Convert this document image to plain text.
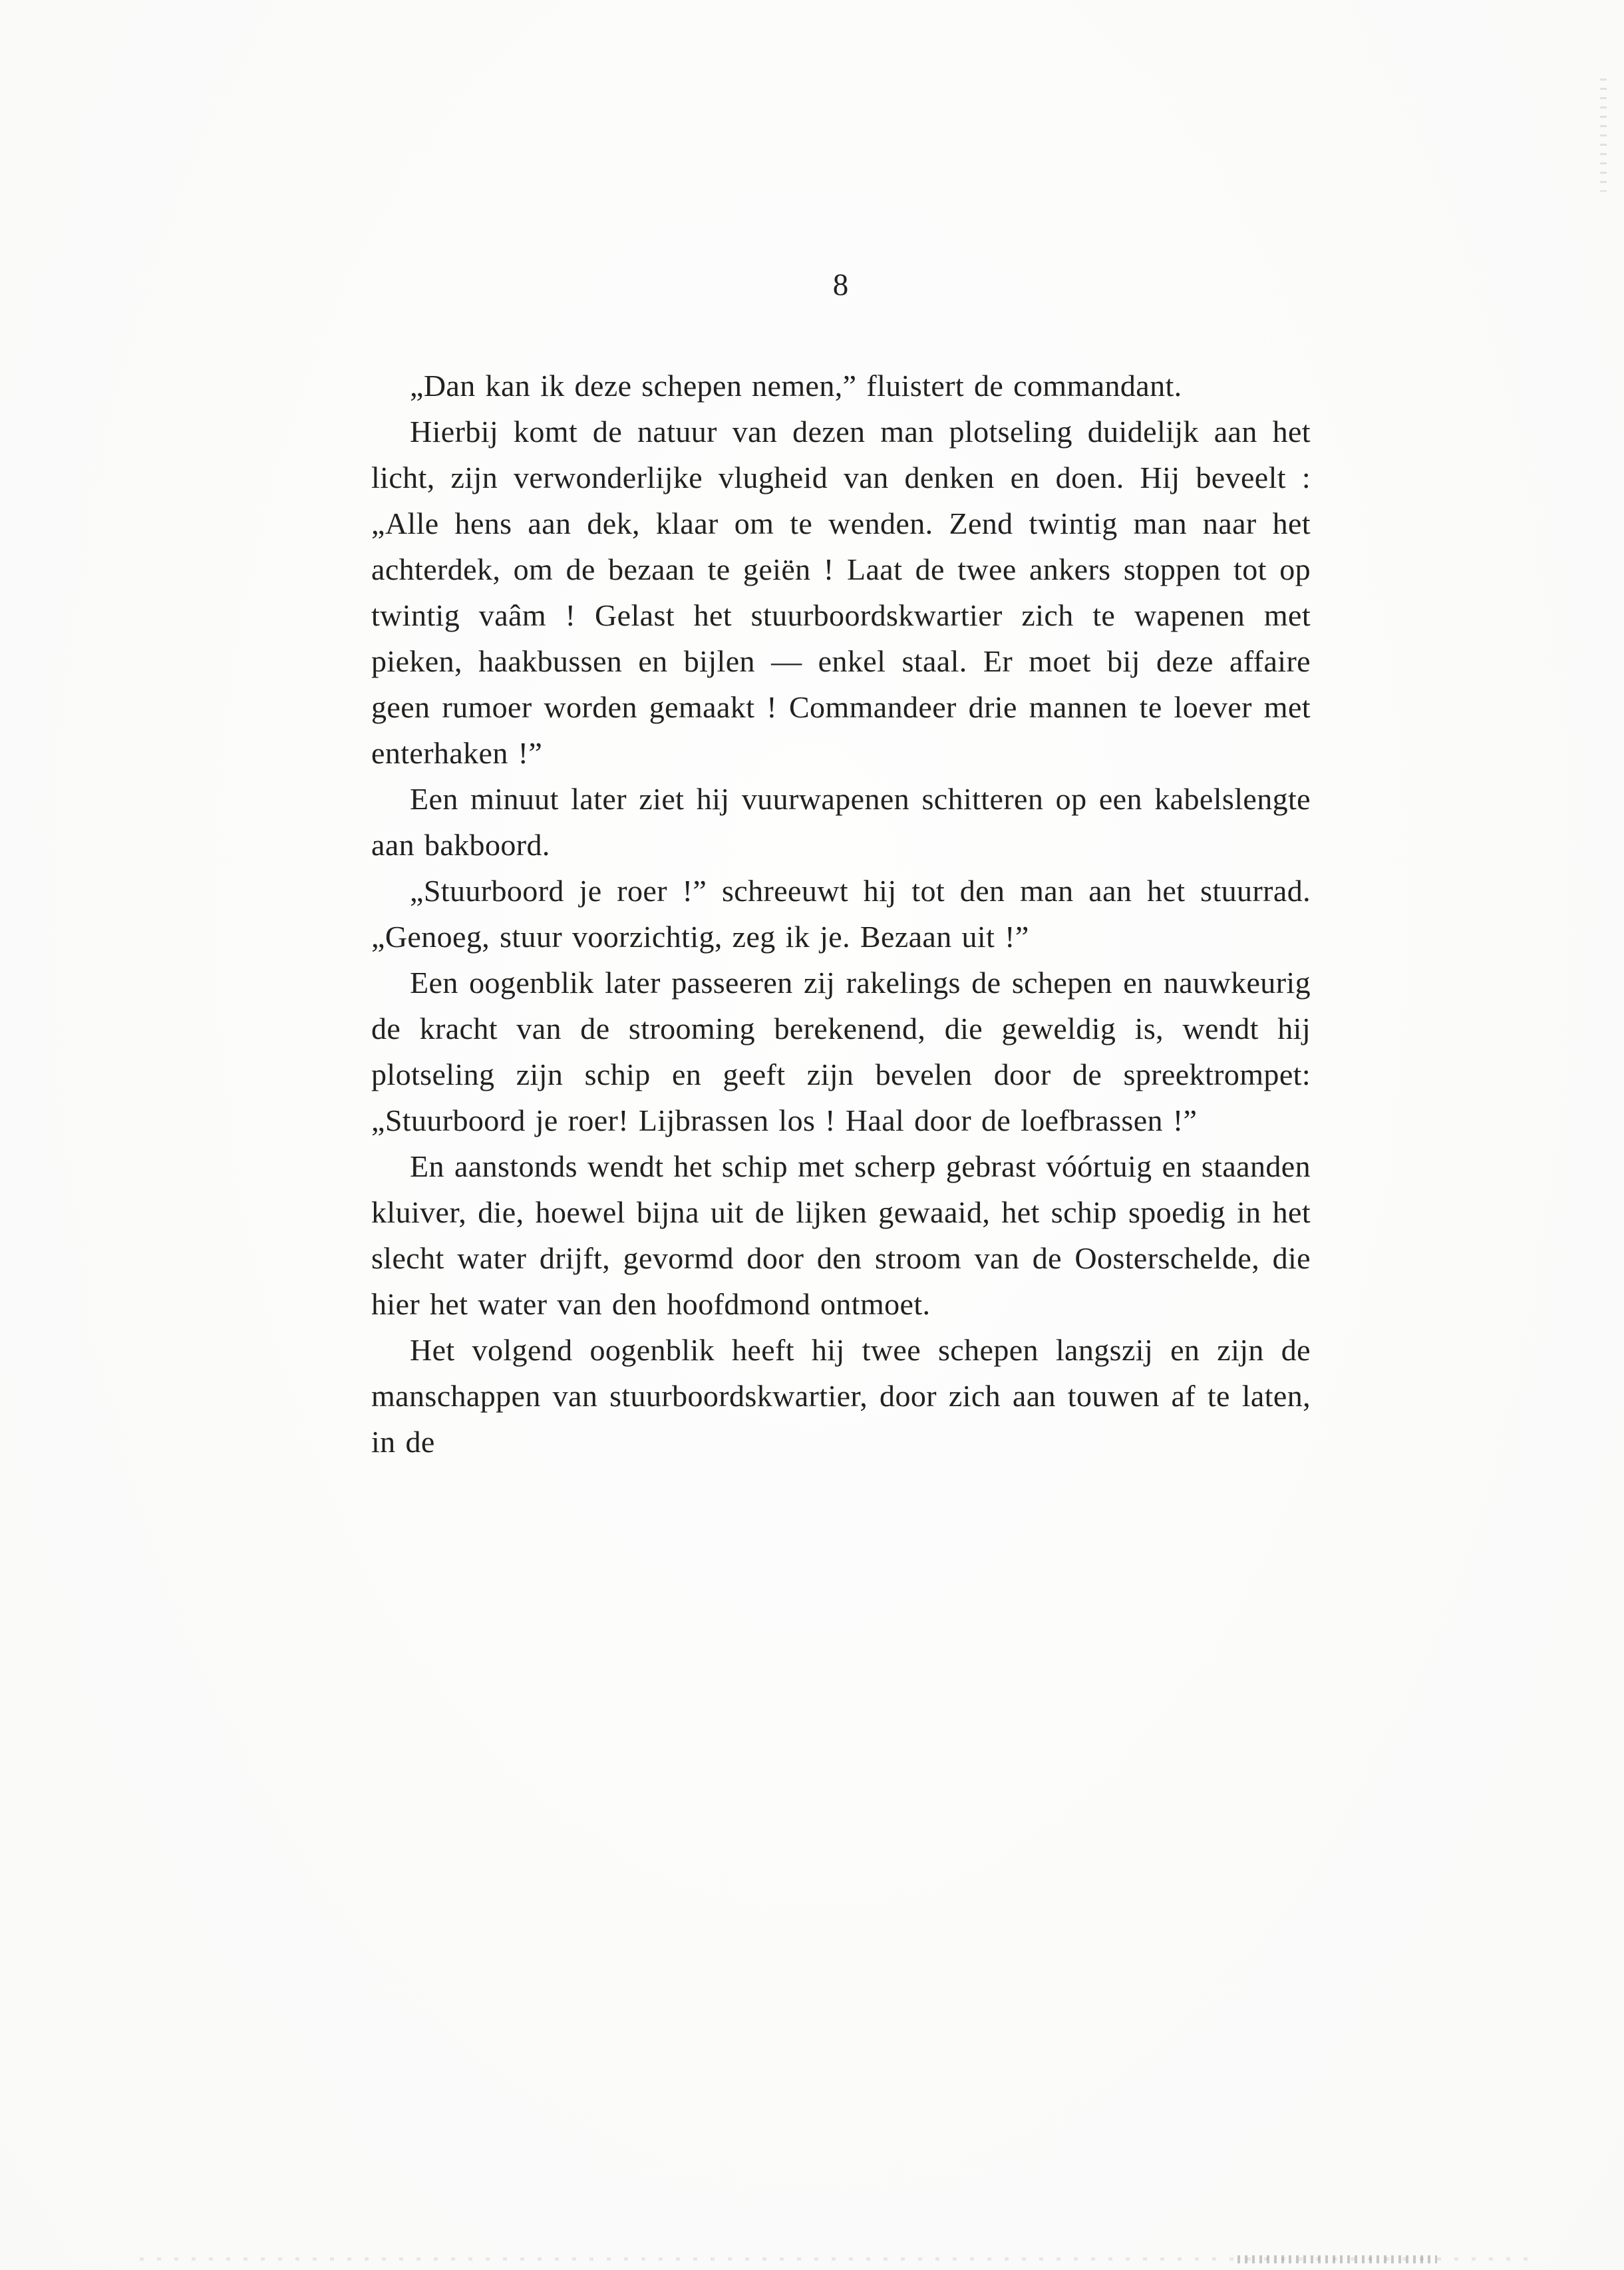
8

„Dan kan ik deze schepen nemen,” fluistert de commandant.

Hierbij komt de natuur van dezen man plotseling duidelijk aan het licht, zijn verwonderlijke vlugheid van denken en doen. Hij beveelt : „Alle hens aan dek, klaar om te wenden. Zend twintig man naar het achterdek, om de bezaan te geiën ! Laat de twee ankers stoppen tot op twintig vaâm ! Gelast het stuurboordskwartier zich te wapenen met pieken, haakbussen en bijlen — enkel staal. Er moet bij deze affaire geen rumoer worden gemaakt ! Commandeer drie mannen te loever met enterhaken !”

Een minuut later ziet hij vuurwapenen schitteren op een kabelslengte aan bakboord.

„Stuurboord je roer !” schreeuwt hij tot den man aan het stuurrad. „Genoeg, stuur voorzichtig, zeg ik je. Bezaan uit !”

Een oogenblik later passeeren zij rakelings de schepen en nauwkeurig de kracht van de strooming berekenend, die geweldig is, wendt hij plotseling zijn schip en geeft zijn bevelen door de spreektrompet: „Stuurboord je roer! Lijbrassen los ! Haal door de loefbrassen !”

En aanstonds wendt het schip met scherp gebrast vóórtuig en staanden kluiver, die, hoewel bijna uit de lijken gewaaid, het schip spoedig in het slecht water drijft, gevormd door den stroom van de Oosterschelde, die hier het water van den hoofdmond ontmoet.

Het volgend oogenblik heeft hij twee schepen langszij en zijn de manschappen van stuurboordskwartier, door zich aan touwen af te laten, in de
